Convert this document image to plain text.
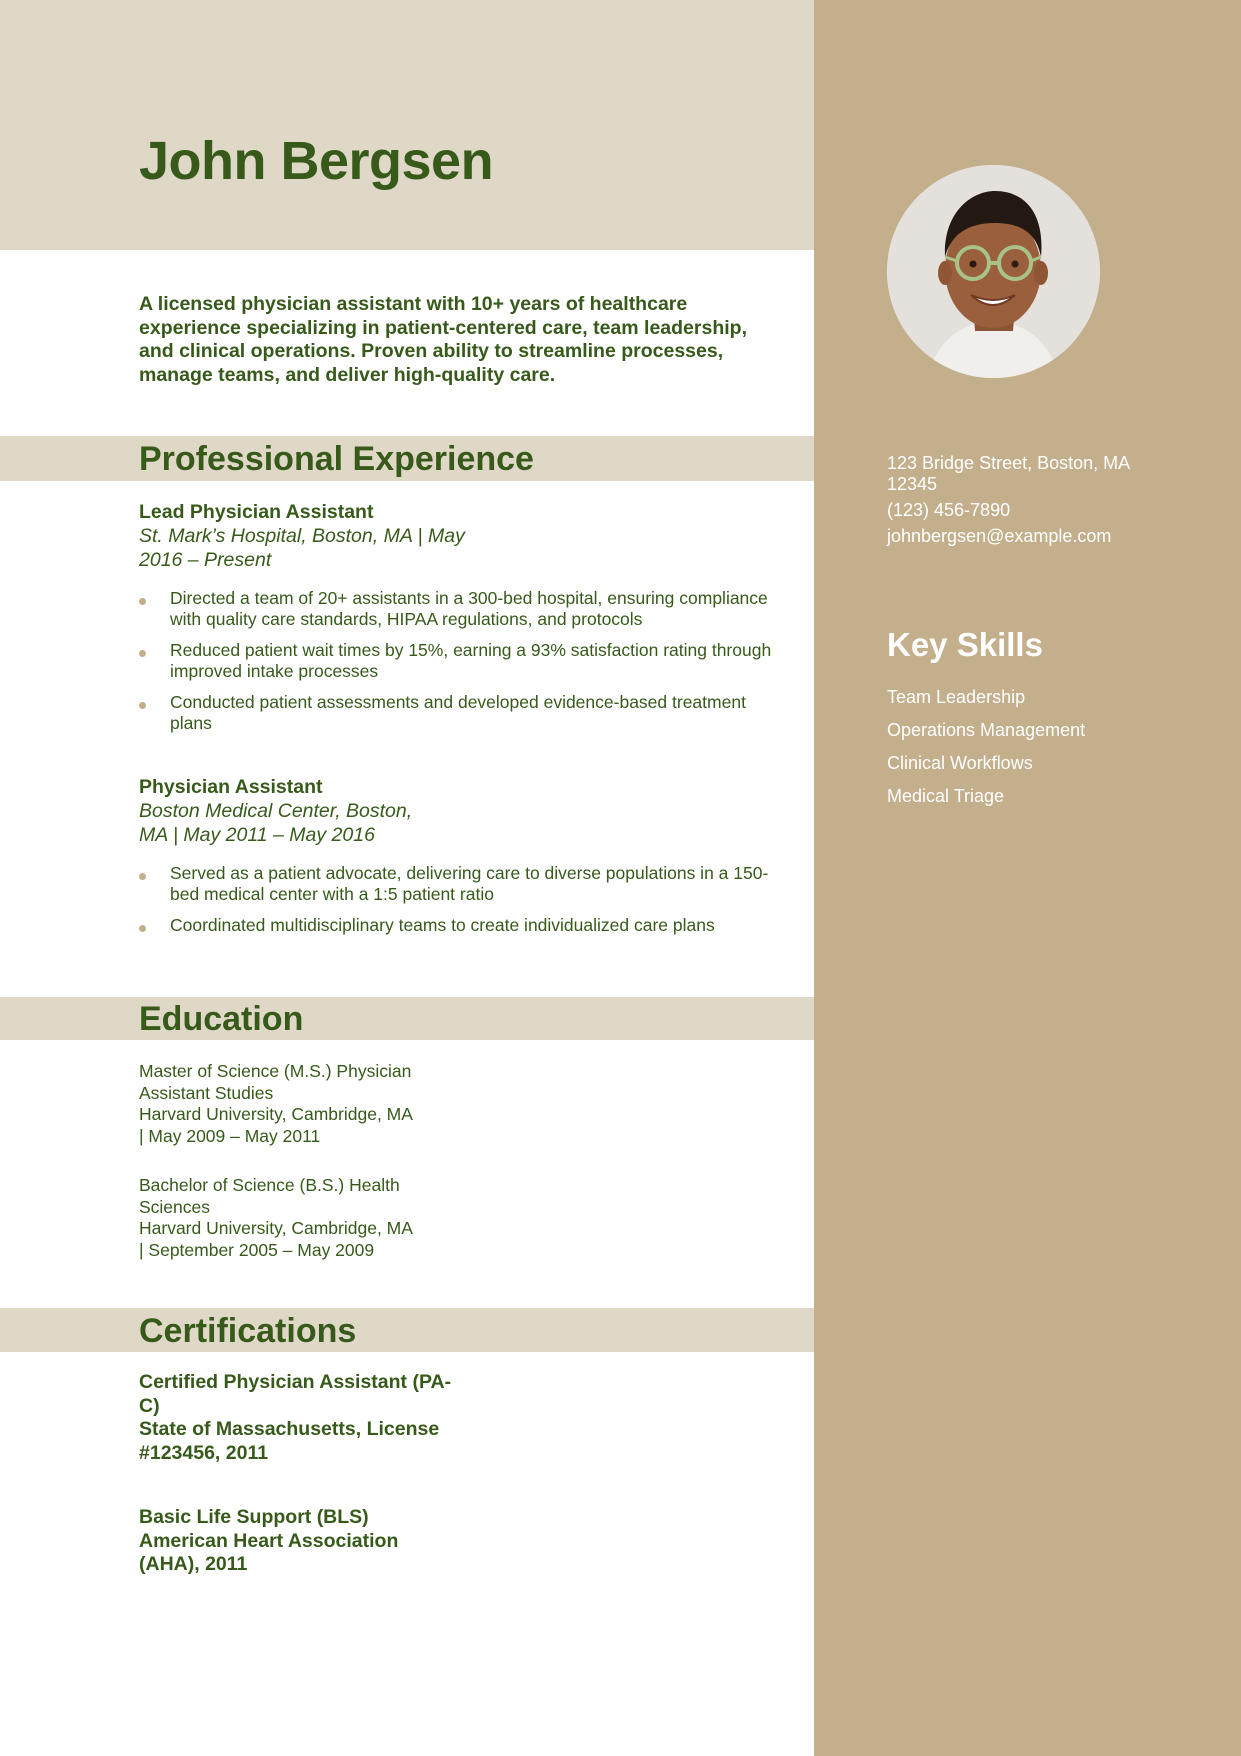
John Bergsen

A licensed physician assistant with 10+ years of healthcare experience specializing in patient-centered care, team leadership, and clinical operations. Proven ability to streamline processes, manage teams, and deliver high-quality care.

Professional Experience
Lead Physician Assistant
St. Mark’s Hospital, Boston, MA | May 2016 – Present
Directed a team of 20+ assistants in a 300-bed hospital, ensuring compliance with quality care standards, HIPAA regulations, and protocols
Reduced patient wait times by 15%, earning a 93% satisfaction rating through improved intake processes
Conducted patient assessments and developed evidence-based treatment plans
Physician Assistant
Boston Medical Center, Boston, MA | May 2011 – May 2016
Served as a patient advocate, delivering care to diverse populations in a 150-bed medical center with a 1:5 patient ratio
Coordinated multidisciplinary teams to create individualized care plans
Education
Master of Science (M.S.) Physician Assistant Studies
Harvard University, Cambridge, MA
| May 2009 – May 2011
Bachelor of Science (B.S.) Health Sciences
Harvard University, Cambridge, MA
| September 2005 – May 2009
Certifications
Certified Physician Assistant (PA-C)
State of Massachusetts, License #123456, 2011
Basic Life Support (BLS)
American Heart Association (AHA), 2011
123 Bridge Street, Boston, MA 12345
(123) 456-7890
johnbergsen@example.com
Key Skills
Team Leadership
Operations Management
Clinical Workflows
Medical Triage
